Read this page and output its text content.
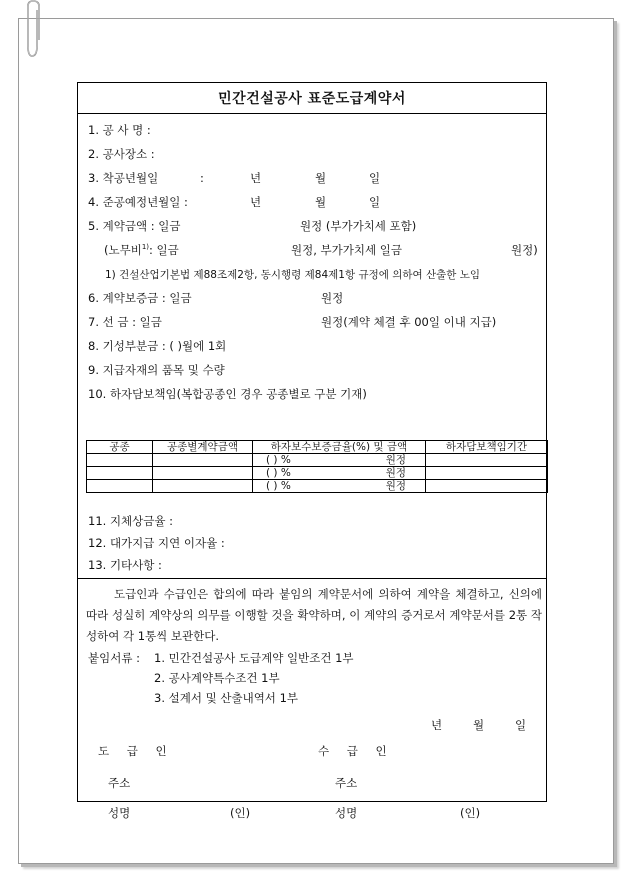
민간건설공사 표준도급계약서
1. 공 사 명 :
2. 공사장소 :
3. 착공년월일	:	년	월	일
4. 준공예정년월일 :	년	월	일
5. 계약금액 : 일금	원정 (부가가치세 포함)
(노무비$^{1)}$: 일금	원정, 부가가치세 일금	원정)
1) 건설산업기본법 제88조제2항, 동시행령 제84제1항 규정에 의하여 산출한 노임
6. 계약보증금 : 일금	원정
7. 선 금 : 일금	원정(계약 체결 후 00일 이내 지급)
8. 기성부분금 : ( )월에 1회
9. 지급자재의 품목 및 수량
10. 하자담보책임(복합공종인 경우 공종별로 구분 기재)
공종	공종별계약금액	하자보수보증금율(%) 및 금액	하자담보책임기간

		( ) % 원정	

		( ) % 원정	

		( ) % 원정	

11. 지체상금율 :
12. 대가지급 지연 이자율 :
13. 기타사항 :
도급인과 수급인은 합의에 따라 붙임의 계약문서에 의하여 계약을 체결하고, 신의에 따라 성실히 계약상의 의무를 이행할 것을 확약하며, 이 계약의 증거로서 계약문서를 2통 작성하여 각 1통씩 보관한다.
붙임서류 : 1. 민간건설공사 도급계약 일반조건 1부
2. 공사계약특수조건 1부
3. 설계서 및 산출내역서 1부
년	월	일
도 급 인	수 급 인
주소	주소
성명	(인)	성명	(인)
